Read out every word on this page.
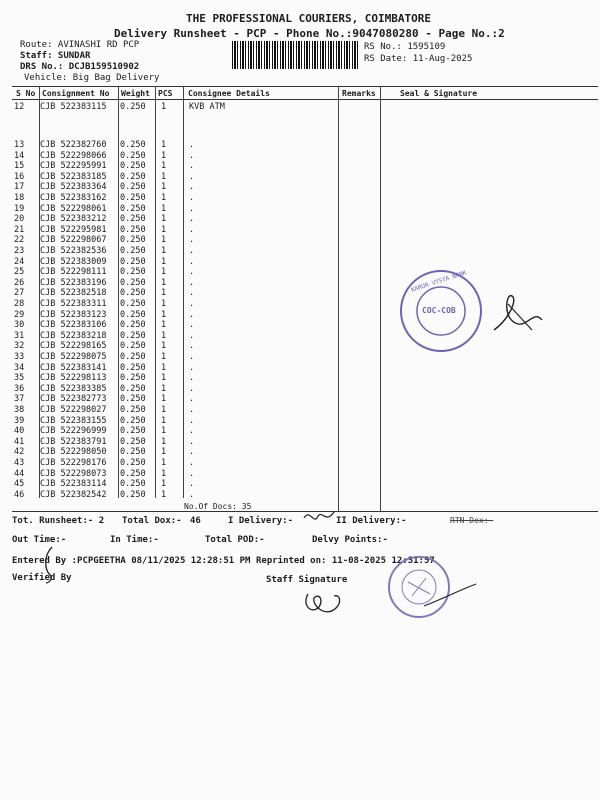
THE PROFESSIONAL COURIERS, COIMBATORE
Delivery Runsheet - PCP - Phone No.:9047080280 - Page No.:2
Route: AVINASHI RD PCP
Staff: SUNDAR
DRS No.: DCJB159510902
Vehicle: Big Bag Delivery
RS No.: 1595109
RS Date: 11-Aug-2025
S No Consignment No Weight PCS Consignee Details	Remarks	Seal & Signature
12 CJB 522383115 0.250 1	KVB ATM
13 CJB 522382760 0.250 1	.
14 CJB 522298066 0.250 1	.
15 CJB 522295991 0.250 1	.
16 CJB 522383185 0.250 1	.
17 CJB 522383364 0.250 1	.
18 CJB 522383162 0.250 1	.
19 CJB 522298061 0.250 1	.
20 CJB 522383212 0.250 1	.
21 CJB 522295981 0.250 1	.
22 CJB 522298067 0.250 1	.
23 CJB 522382536 0.250 1	.
24 CJB 522383009 0.250 1	.
25 CJB 522298111 0.250 1	.
26 CJB 522383196 0.250 1	.
27 CJB 522382518 0.250 1	.
28 CJB 522383311 0.250 1	.
29 CJB 522383123 0.250 1	.
30 CJB 522383106 0.250 1	.
31 CJB 522383218 0.250 1	.
32 CJB 522298165 0.250 1	.
33 CJB 522298075 0.250 1	.
34 CJB 522383141 0.250 1	.
35 CJB 522298113 0.250 1	.
36 CJB 522383385 0.250 1	.
37 CJB 522382773 0.250 1	.
38 CJB 522298027 0.250 1	.
39 CJB 522383155 0.250 1	.
40 CJB 522296999 0.250 1	.
41 CJB 522383791 0.250 1	.
42 CJB 522298050 0.250 1	.
43 CJB 522298176 0.250 1	.
44 CJB 522298073 0.250 1	.
45 CJB 522383114 0.250 1	.
46 CJB 522382542 0.250 1	.
No.Of Docs: 35
Tot. Runsheet:- 2 Total Dox:- 46	I Delivery:-	II Delivery:-	RTN Dox:-
Out Time:-	In Time:-	Total POD:-	Delvy Points:-
Entered By :PCPGEETHA 08/11/2025 12:28:51 PM Reprinted on: 11-08-2025 12:31:57
Verified By	Staff Signature
KARUR VYSYA BANK
COC-COB
